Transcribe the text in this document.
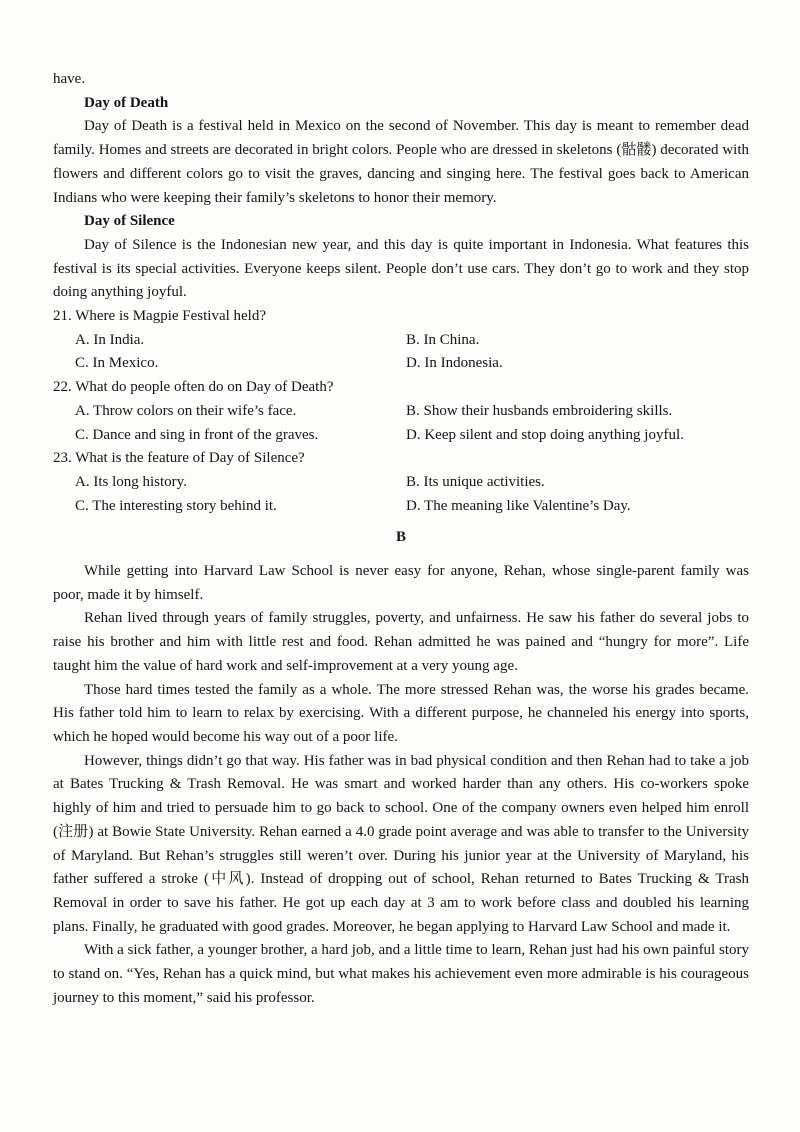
have.

Day of Death

Day of Death is a festival held in Mexico on the second of November. This day is meant to remember dead family. Homes and streets are decorated in bright colors. People who are dressed in skeletons (骷髅) decorated with flowers and different colors go to visit the graves, dancing and singing here. The festival goes back to American Indians who were keeping their family’s skeletons to honor their memory.

Day of Silence

Day of Silence is the Indonesian new year, and this day is quite important in Indonesia. What features this festival is its special activities. Everyone keeps silent. People don’t use cars. They don’t go to work and they stop doing anything joyful.

21. Where is Magpie Festival held?

A. In India.	B. In China.
C. In Mexico.	D. In Indonesia.

22. What do people often do on Day of Death?

A. Throw colors on their wife’s face.	B. Show their husbands embroidering skills.
C. Dance and sing in front of the graves.	D. Keep silent and stop doing anything joyful.

23. What is the feature of Day of Silence?

A. Its long history.	B. Its unique activities.
C. The interesting story behind it.	D. The meaning like Valentine’s Day.

B

While getting into Harvard Law School is never easy for anyone, Rehan, whose single-parent family was poor, made it by himself.

Rehan lived through years of family struggles, poverty, and unfairness. He saw his father do several jobs to raise his brother and him with little rest and food. Rehan admitted he was pained and “hungry for more”. Life taught him the value of hard work and self-improvement at a very young age.

Those hard times tested the family as a whole. The more stressed Rehan was, the worse his grades became. His father told him to learn to relax by exercising. With a different purpose, he channeled his energy into sports, which he hoped would become his way out of a poor life.

However, things didn’t go that way. His father was in bad physical condition and then Rehan had to take a job at Bates Trucking & Trash Removal. He was smart and worked harder than any others. His co-workers spoke highly of him and tried to persuade him to go back to school. One of the company owners even helped him enroll (注册) at Bowie State University. Rehan earned a 4.0 grade point average and was able to transfer to the University of Maryland. But Rehan’s struggles still weren’t over. During his junior year at the University of Maryland, his father suffered a stroke (中风). Instead of dropping out of school, Rehan returned to Bates Trucking & Trash Removal in order to save his father. He got up each day at 3 am to work before class and doubled his learning plans. Finally, he graduated with good grades. Moreover, he began applying to Harvard Law School and made it.

With a sick father, a younger brother, a hard job, and a little time to learn, Rehan just had his own painful story to stand on. “Yes, Rehan has a quick mind, but what makes his achievement even more admirable is his courageous journey to this moment,” said his professor.
